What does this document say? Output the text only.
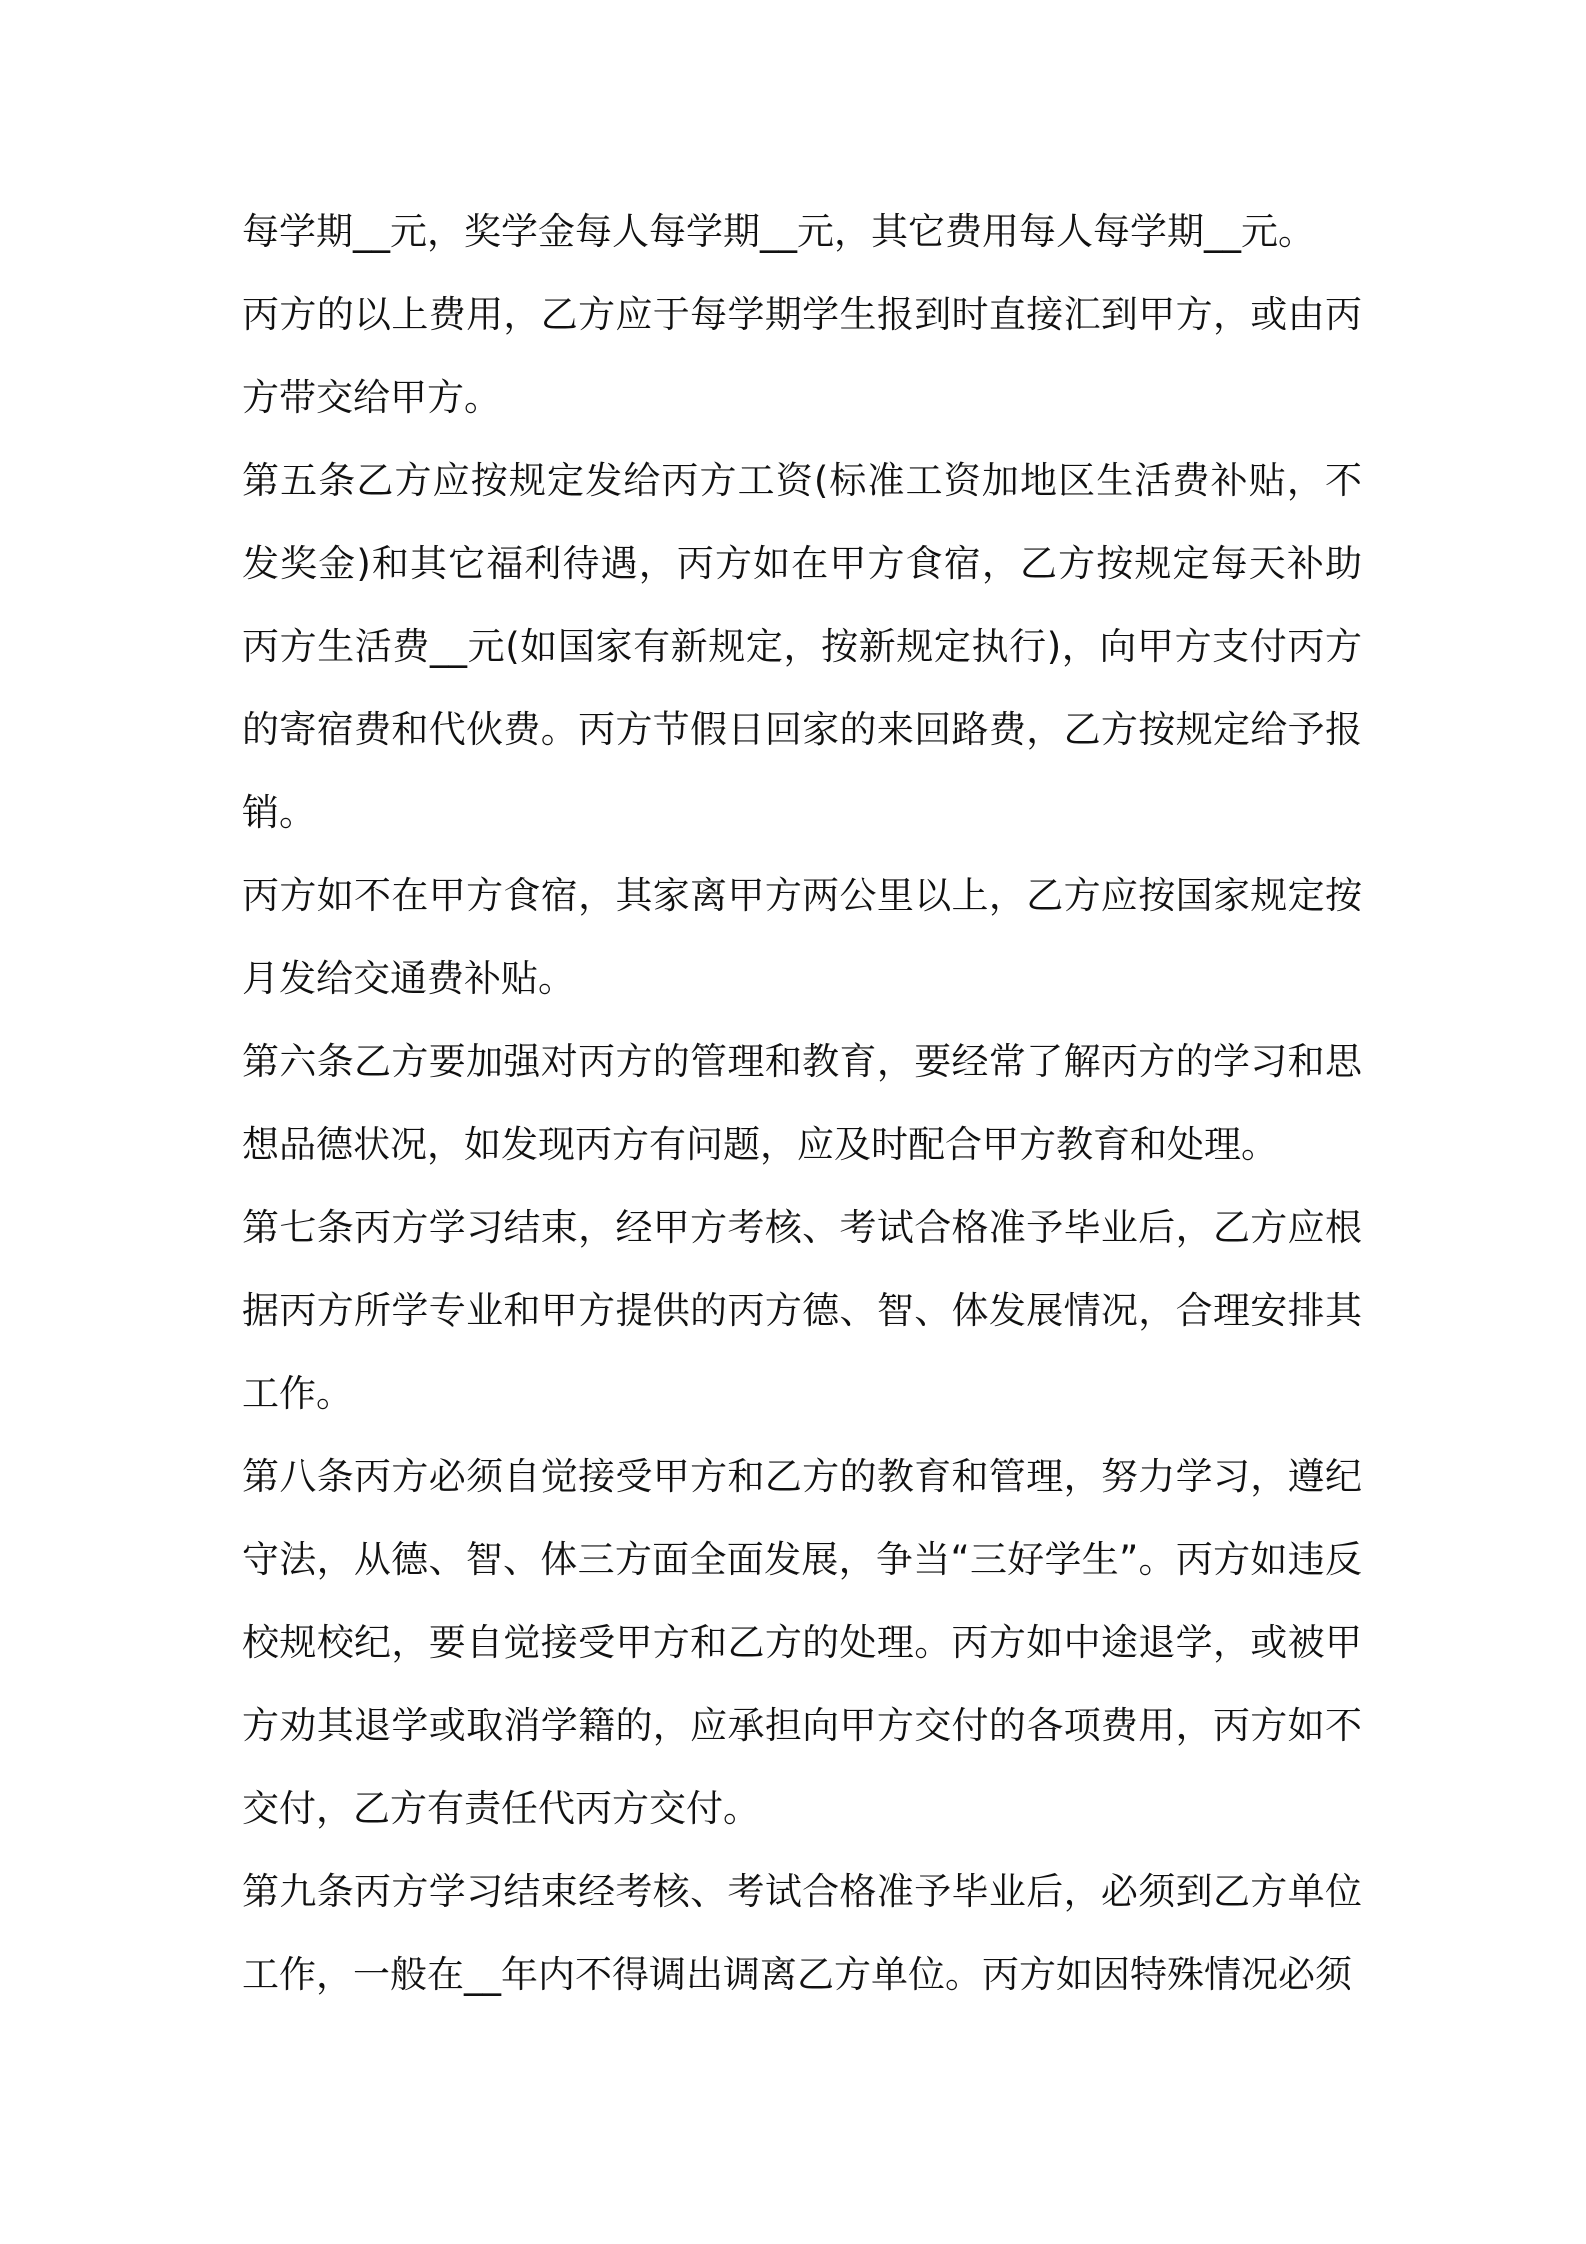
每学期__元，奖学金每人每学期__元，其它费用每人每学期__元。

丙方的以上费用，乙方应于每学期学生报到时直接汇到甲方，或由丙方带交给甲方。

第五条乙方应按规定发给丙方工资(标准工资加地区生活费补贴，不发奖金)和其它福利待遇，丙方如在甲方食宿，乙方按规定每天补助丙方生活费__元(如国家有新规定，按新规定执行)，向甲方支付丙方的寄宿费和代伙费。丙方节假日回家的来回路费，乙方按规定给予报销。

丙方如不在甲方食宿，其家离甲方两公里以上，乙方应按国家规定按月发给交通费补贴。

第六条乙方要加强对丙方的管理和教育，要经常了解丙方的学习和思想品德状况，如发现丙方有问题，应及时配合甲方教育和处理。

第七条丙方学习结束，经甲方考核、考试合格准予毕业后，乙方应根据丙方所学专业和甲方提供的丙方德、智、体发展情况，合理安排其工作。

第八条丙方必须自觉接受甲方和乙方的教育和管理，努力学习，遵纪守法，从德、智、体三方面全面发展，争当“三好学生”。丙方如违反校规校纪，要自觉接受甲方和乙方的处理。丙方如中途退学，或被甲方劝其退学或取消学籍的，应承担向甲方交付的各项费用，丙方如不交付，乙方有责任代丙方交付。

第九条丙方学习结束经考核、考试合格准予毕业后，必须到乙方单位工作，一般在__年内不得调出调离乙方单位。丙方如因特殊情况必须
